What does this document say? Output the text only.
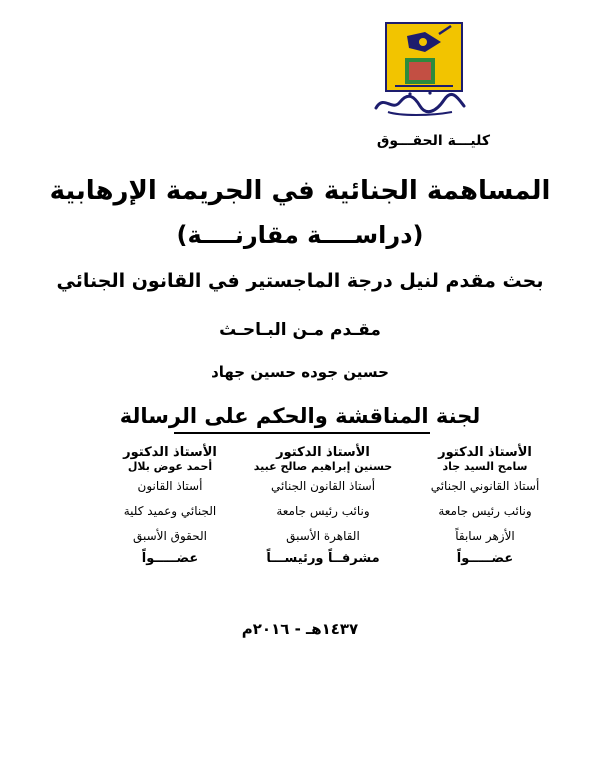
كليـــة الحقـــوق
المساهمة الجنائية في الجريمة الإرهابية
(دراســــة مقارنــــة)
بحث مقدم لنيل درجة الماجستير في القانون الجنائي
مقـدم مـن البـاحـث
حسين جوده حسين جهاد
لجنة المناقشة والحكم على الرسالة
الأستاذ الدكتور
سامح السيد جاد
أستاذ القانوني الجنائي
ونائب رئيس جامعة
الأزهر سابقاً
عضـــــواً
الأستاذ الدكتور
حسنين إبراهيم صالح عبيد
أستاذ القانون الجنائي
ونائب رئيس جامعة
القاهرة الأسبق
مشرفــاً ورئيســـاً
الأستاذ الدكتور
أحمد عوض بلال
أستاذ القانون
الجنائي وعميد كلية
الحقوق الأسبق
عضـــــواً
١٤٣٧هـ - ٢٠١٦م
